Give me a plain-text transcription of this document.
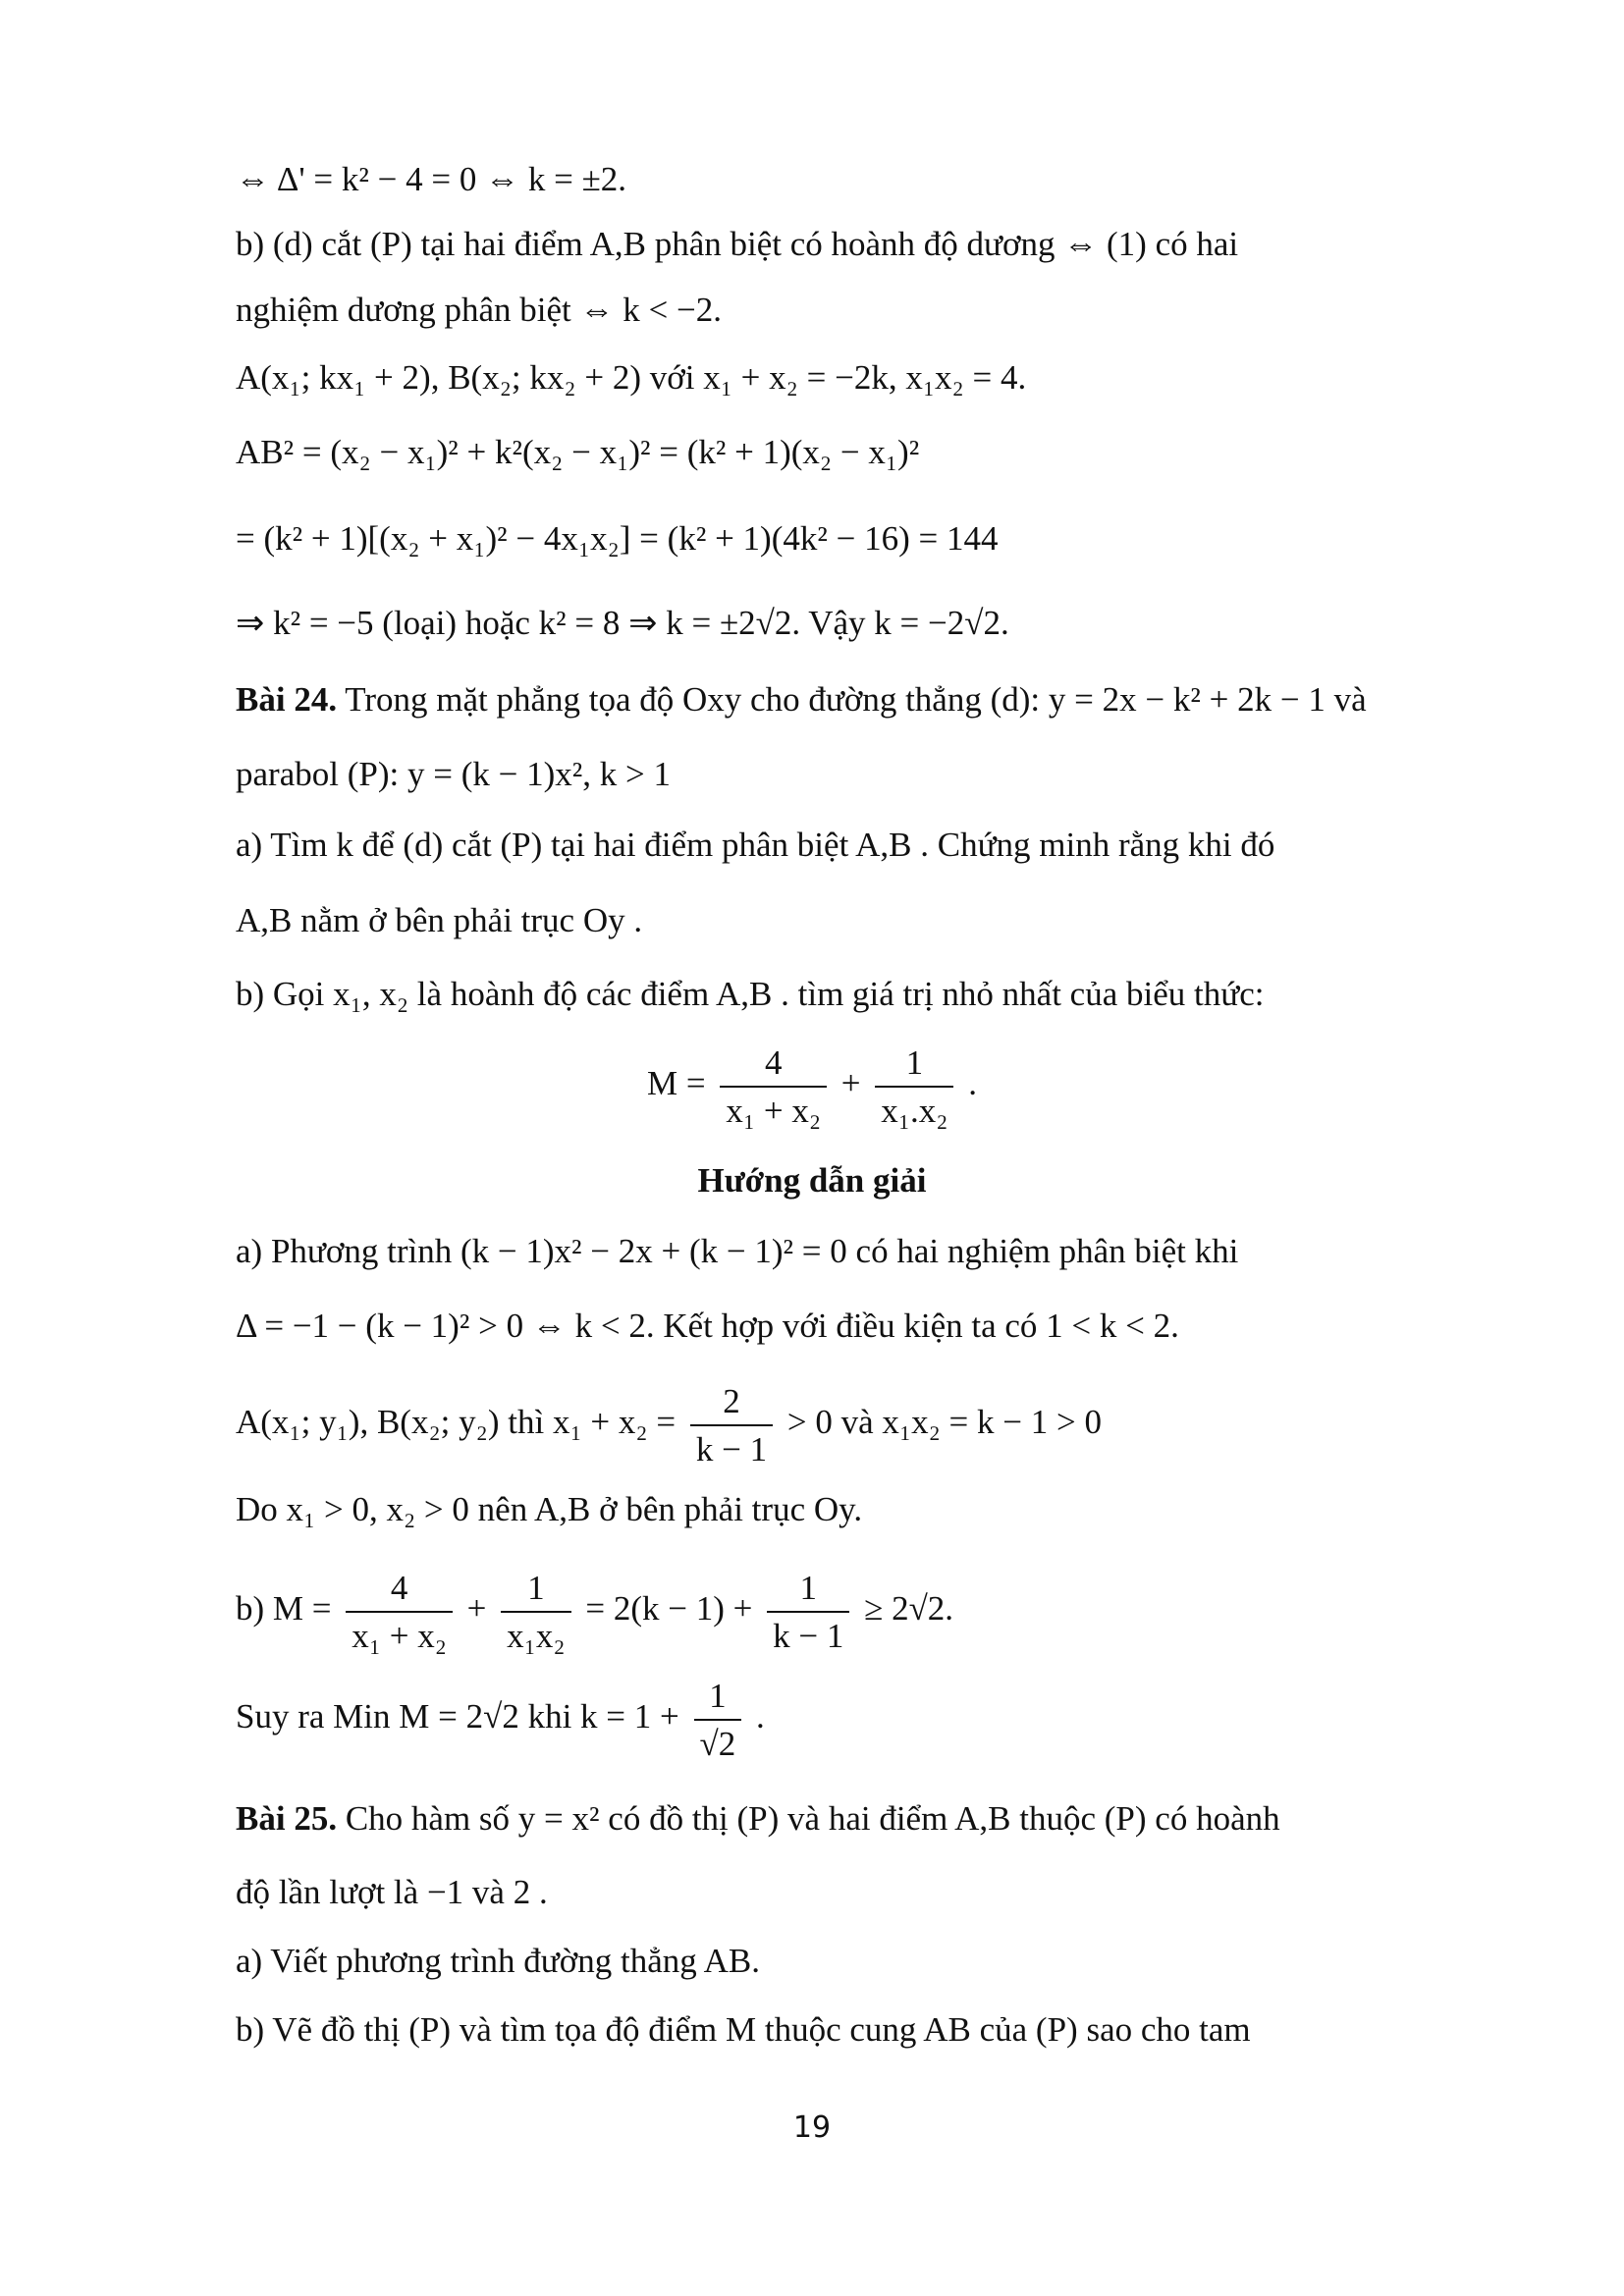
⇔ Δ' = k² − 4 = 0 ⇔ k = ±2.
b) (d) cắt (P) tại hai điểm A,B phân biệt có hoành độ dương ⇔ (1) có hai
nghiệm dương phân biệt ⇔ k < −2.
A(x₁; kx₁ + 2), B(x₂; kx₂ + 2) với x₁ + x₂ = −2k, x₁x₂ = 4.
AB² = (x₂ − x₁)² + k²(x₂ − x₁)² = (k² + 1)(x₂ − x₁)²
= (k² + 1)[(x₂ + x₁)² − 4x₁x₂] = (k² + 1)(4k² − 16) = 144
⇒ k² = −5 (loại) hoặc k² = 8 ⇒ k = ±2√2. Vậy k = −2√2.
Bài 24. Trong mặt phẳng tọa độ Oxy cho đường thẳng (d): y = 2x − k² + 2k − 1 và
parabol (P): y = (k − 1)x², k > 1
a) Tìm k để (d) cắt (P) tại hai điểm phân biệt A,B . Chứng minh rằng khi đó
A,B nằm ở bên phải trục Oy .
b) Gọi x₁, x₂ là hoành độ các điểm A,B . tìm giá trị nhỏ nhất của biểu thức:
$M = \frac{4}{\text{x₁ + x₂}} + \frac{1}{\text{x₁.x₂}}$ .
Hướng dẫn giải
a) Phương trình (k − 1)x² − 2x + (k − 1)² = 0 có hai nghiệm phân biệt khi
Δ = −1 − (k − 1)² > 0 ⇔ k < 2. Kết hợp với điều kiện ta có 1 < k < 2.
A(x₁; y₁), B(x₂; y₂) thì $x_1 + x_2 = \frac{2}{k - 1} > 0$ và x₁x₂ = k − 1 > 0
Do x₁ > 0, x₂ > 0 nên A,B ở bên phải trục Oy.
b) $M = \frac{4}{\text{x₁ + x₂}} + \frac{1}{\text{x₁x₂}} = 2(k - 1) + \frac{1}{k - 1} \ge 2√2$.
Suy ra Min M = 2√2 khi $k = 1 + \frac{1}{√2}$ .
Bài 25. Cho hàm số y = x² có đồ thị (P) và hai điểm A,B thuộc (P) có hoành
độ lần lượt là −1 và 2 .
a) Viết phương trình đường thẳng AB.
b) Vẽ đồ thị (P) và tìm tọa độ điểm M thuộc cung AB của (P) sao cho tam
19
